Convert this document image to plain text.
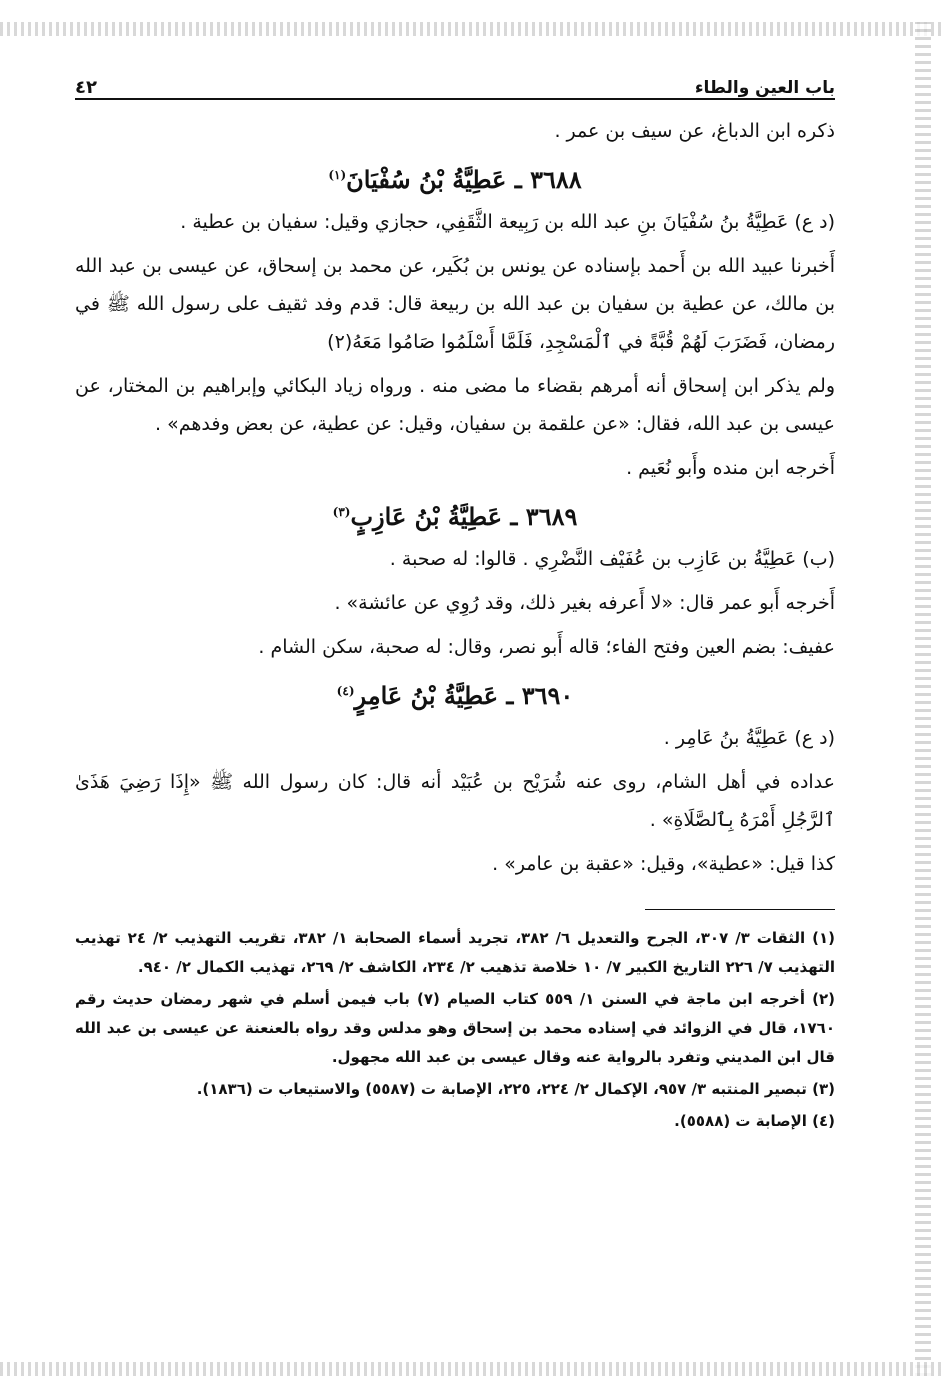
باب العين والطاء
٤٢

ذكره ابن الدباغ، عن سيف بن عمر .

٣٦٨٨ ـ عَطِيَّةُ بْنُ سُفْيَانَ$^{(١)}$

(د ع) عَطِيَّةُ بنُ سُفْيَانَ بنِ عبد الله بن رَبِيعة الثَّقَفِي، حجازي وقيل: سفيان بن عطية .

أَخبرنا عبيد الله بن أَحمد بإسناده عن يونس بن بُكَير، عن محمد بن إسحاق، عن عيسى بن عبد الله بن مالك، عن عطية بن سفيان بن عبد الله بن ربيعة قال: قدم وفد ثقيف على رسول الله ﷺ في رمضان، فَضَرَبَ لَهُمْ قُبَّةً في ٱلْمَسْجِدِ، فَلَمَّا أَسْلَمُوا صَامُوا مَعَهُ(٢)

ولم يذكر ابن إسحاق أنه أمرهم بقضاء ما مضى منه . ورواه زياد البكائي وإبراهيم بن المختار، عن عيسى بن عبد الله، فقال: «عن علقمة بن سفيان، وقيل: عن عطية، عن بعض وفدهم» .

أَخرجه ابن منده وأَبو نُعَيم .

٣٦٨٩ ـ عَطِيَّةُ بْنُ عَازِبٍ$^{(٣)}$

(ب) عَطِيَّةُ بن عَازِب بن عُفَيْف النَّضْرِي . قالوا: له صحبة .

أَخرجه أَبو عمر قال: «لا أَعرفه بغير ذلك، وقد رُوِي عن عائشة» .

عفيف: بضم العين وفتح الفاء؛ قاله أَبو نصر، وقال: له صحبة، سكن الشام .

٣٦٩٠ ـ عَطِيَّةُ بْنُ عَامِرٍ$^{(٤)}$

(د ع) عَطِيَّةُ بنُ عَامِر .

عداده في أهل الشام، روى عنه شُرَيْح بن عُبَيْد أنه قال: كان رسول الله ﷺ «إِذَا رَضِيَ هَذَىٰ ٱلرَّجُلِ أَمْرَهُ بِٱلصَّلَاةِ» .

كذا قيل: «عطية»، وقيل: «عقبة بن عامر» .

(١) الثقات ٣/ ٣٠٧، الجرح والتعديل ٦/ ٣٨٢، تجريد أسماء الصحابة ١/ ٣٨٢، تقريب التهذيب ٢/ ٢٤ تهذيب التهذيب ٧/ ٢٢٦ التاريخ الكبير ٧/ ١٠ خلاصة تذهيب ٢/ ٢٣٤، الكاشف ٢/ ٢٦٩، تهذيب الكمال ٢/ ٩٤٠.

(٢) أخرجه ابن ماجة في السنن ١/ ٥٥٩ كتاب الصيام (٧) باب فيمن أسلم في شهر رمضان حديث رقم ١٧٦٠، قال في الزوائد في إسناده محمد بن إسحاق وهو مدلس وقد رواه بالعنعنة عن عيسى بن عبد الله قال ابن المديني وتفرد بالرواية عنه وقال عيسى بن عبد الله مجهول.

(٣) تبصير المنتبه ٣/ ٩٥٧، الإكمال ٢/ ٢٢٤، ٢٢٥، الإصابة ت (٥٥٨٧) والاستيعاب ت (١٨٣٦).

(٤) الإصابة ت (٥٥٨٨).
